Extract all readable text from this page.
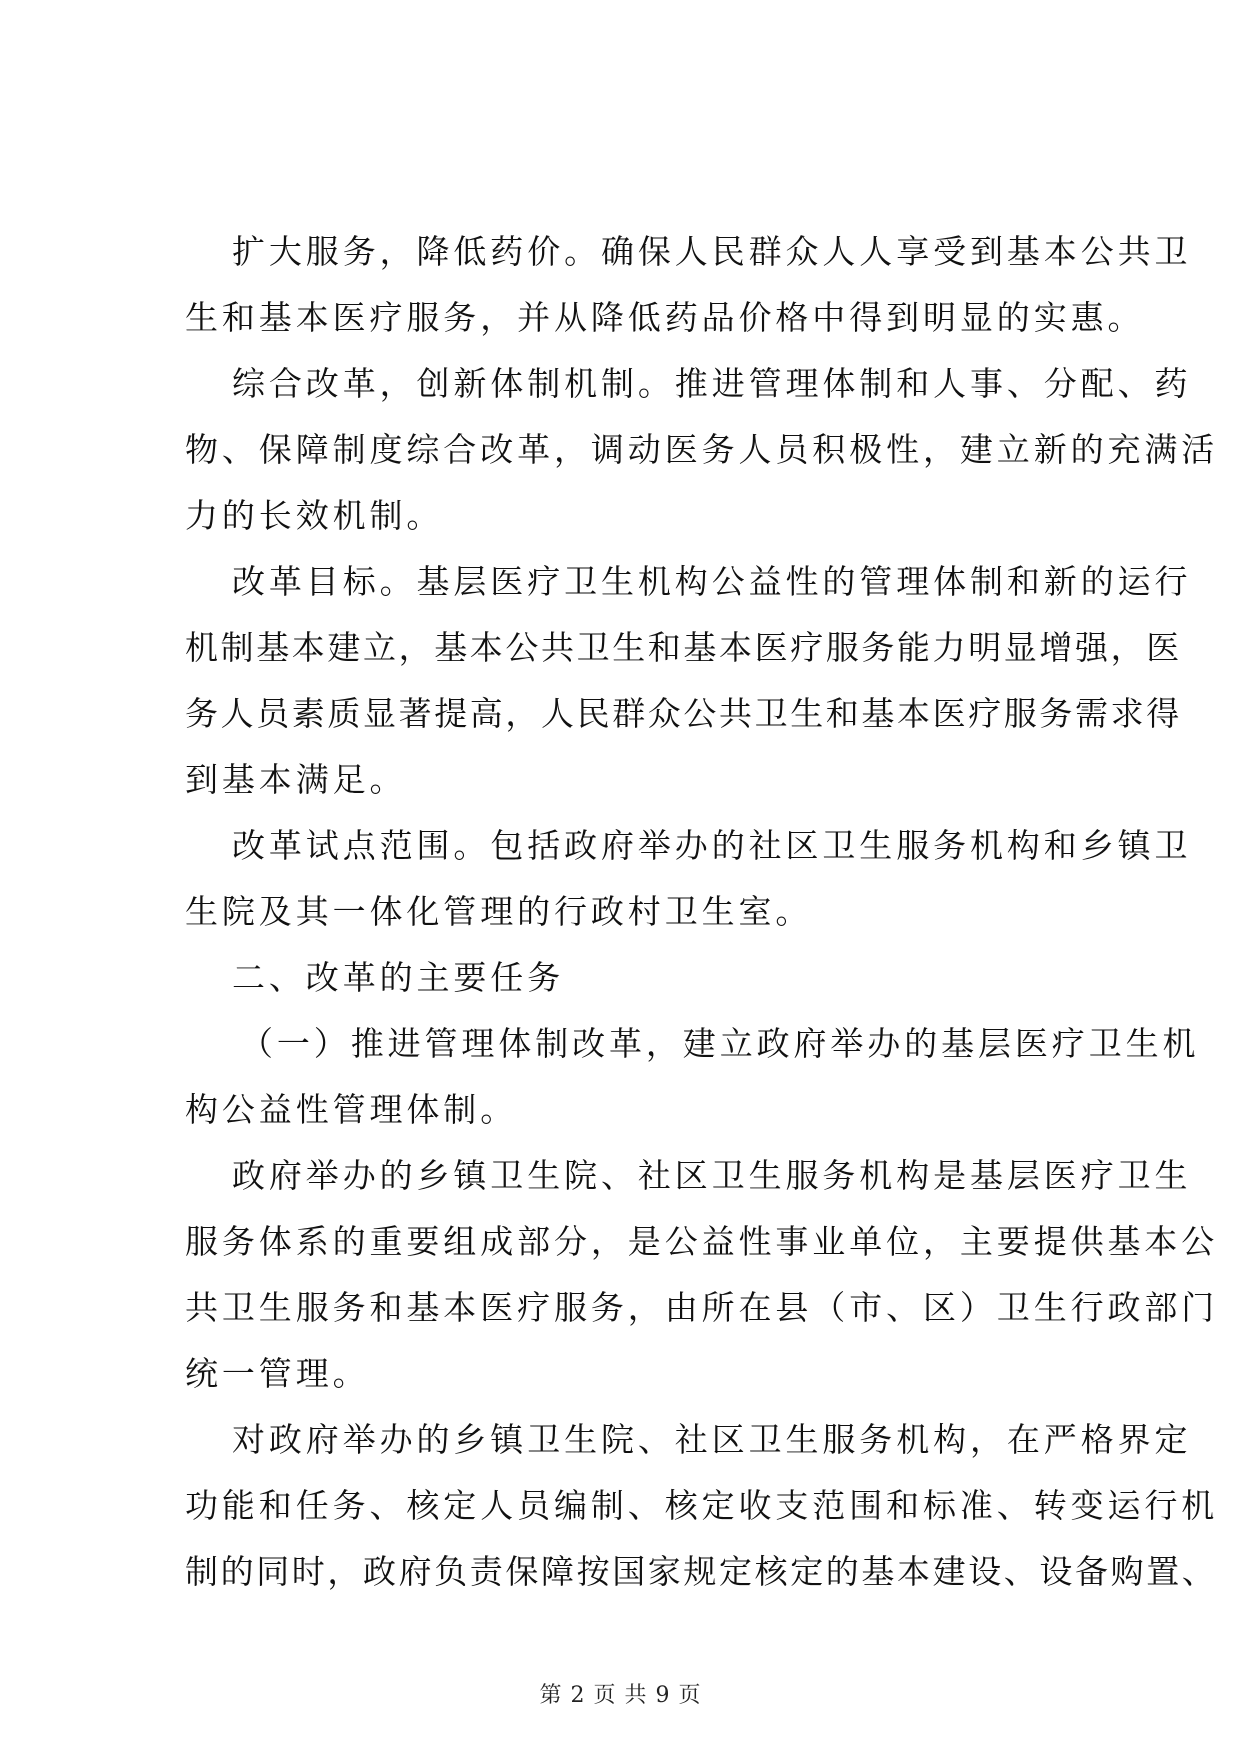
扩大服务，降低药价。确保人民群众人人享受到基本公共卫
生和基本医疗服务，并从降低药品价格中得到明显的实惠。
综合改革，创新体制机制。推进管理体制和人事、分配、药
物、保障制度综合改革，调动医务人员积极性，建立新的充满活
力的长效机制。
改革目标。基层医疗卫生机构公益性的管理体制和新的运行
机制基本建立，基本公共卫生和基本医疗服务能力明显增强，医
务人员素质显著提高，人民群众公共卫生和基本医疗服务需求得
到基本满足。
改革试点范围。包括政府举办的社区卫生服务机构和乡镇卫
生院及其一体化管理的行政村卫生室。
二、改革的主要任务
（一）推进管理体制改革，建立政府举办的基层医疗卫生机
构公益性管理体制。
政府举办的乡镇卫生院、社区卫生服务机构是基层医疗卫生
服务体系的重要组成部分，是公益性事业单位，主要提供基本公
共卫生服务和基本医疗服务，由所在县（市、区）卫生行政部门
统一管理。
对政府举办的乡镇卫生院、社区卫生服务机构，在严格界定
功能和任务、核定人员编制、核定收支范围和标准、转变运行机
制的同时，政府负责保障按国家规定核定的基本建设、设备购置、
第 2 页 共 9 页
